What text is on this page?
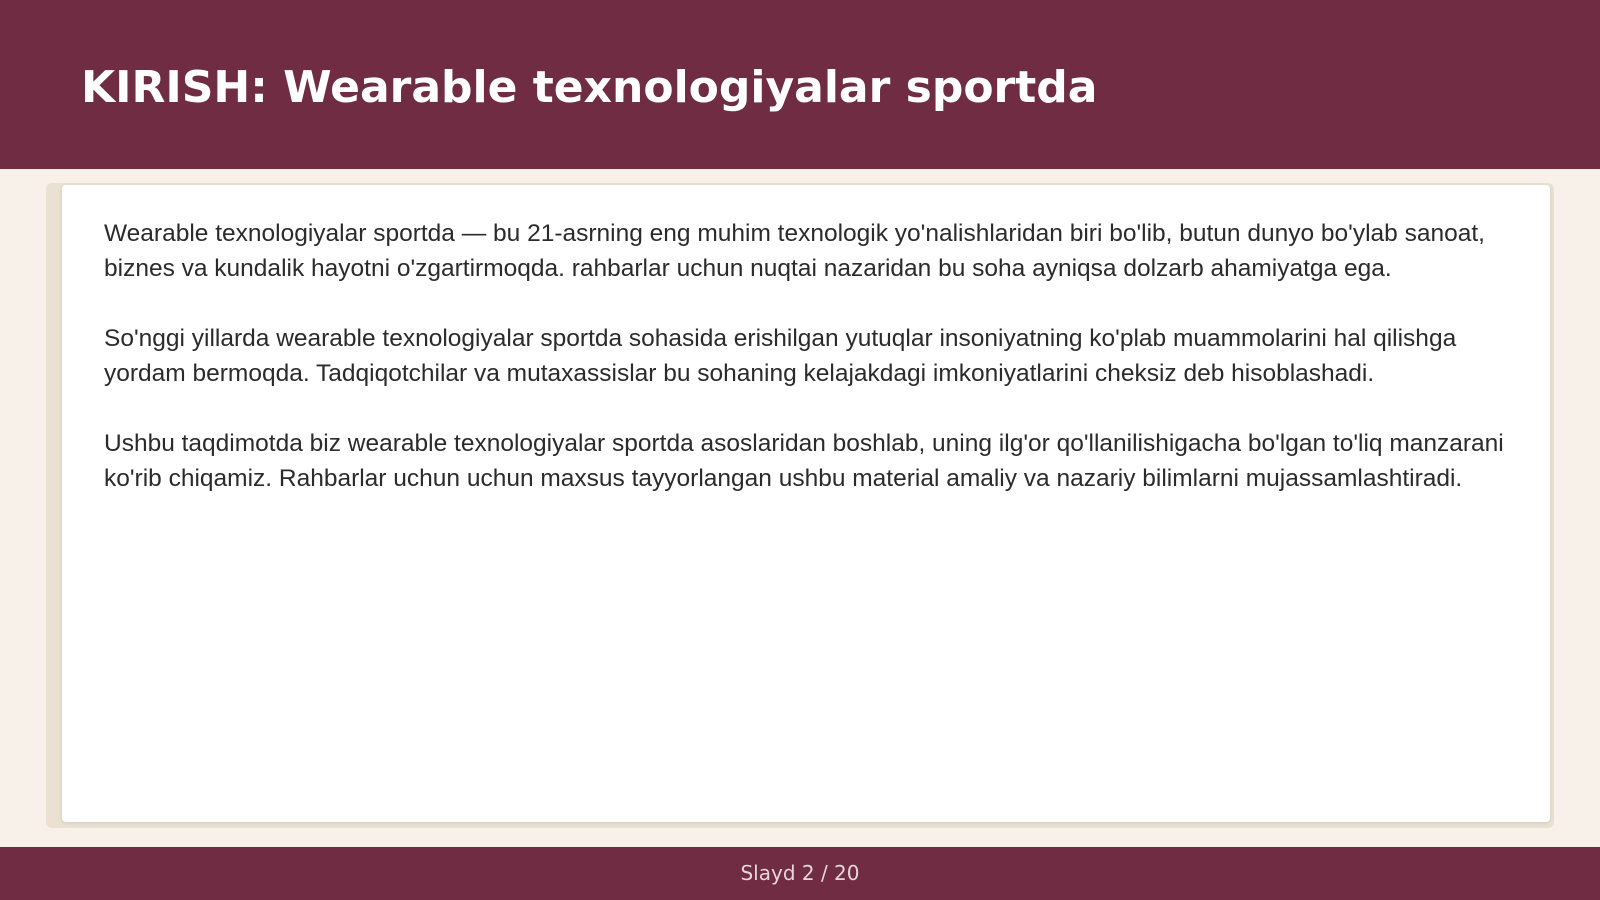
KIRISH: Wearable texnologiyalar sportda

Wearable texnologiyalar sportda — bu 21-asrning eng muhim texnologik yo'nalishlaridan biri bo'lib, butun dunyo bo'ylab sanoat, biznes va kundalik hayotni o'zgartirmoqda. rahbarlar uchun nuqtai nazaridan bu soha ayniqsa dolzarb ahamiyatga ega.

So'nggi yillarda wearable texnologiyalar sportda sohasida erishilgan yutuqlar insoniyatning ko'plab muammolarini hal qilishga yordam bermoqda. Tadqiqotchilar va mutaxassislar bu sohaning kelajakdagi imkoniyatlarini cheksiz deb hisoblashadi.

Ushbu taqdimotda biz wearable texnologiyalar sportda asoslaridan boshlab, uning ilg'or qo'llanilishigacha bo'lgan to'liq manzarani ko'rib chiqamiz. Rahbarlar uchun uchun maxsus tayyorlangan ushbu material amaliy va nazariy bilimlarni mujassamlashtiradi.

Slayd 2 / 20
